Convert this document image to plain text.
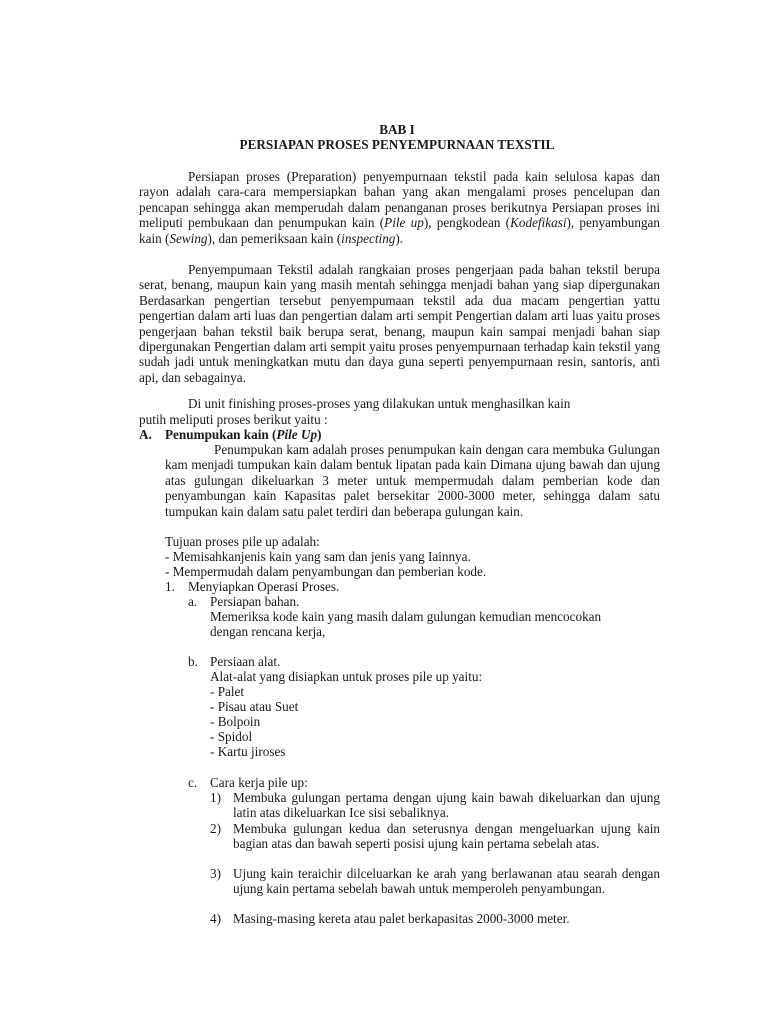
BAB I
PERSIAPAN PROSES PENYEMPURNAAN TEXSTIL

Persiapan proses (Preparation) penyempurnaan tekstil pada kain selulosa kapas dan rayon adalah cara-cara mempersiapkan bahan yang akan mengalami proses pencelupan dan pencapan sehingga akan memperudah dalam penanganan proses berikutnya Persiapan proses ini meliputi pembukaan dan penumpukan kain (Pile up), pengkodean (Kodefikasi), penyambungan kain (Sewing), dan pemeriksaan kain (inspecting).

Penyempumaan Tekstil adalah rangkaian proses pengerjaan pada bahan tekstil berupa serat, benang, maupun kain yang masih mentah sehingga menjadi bahan yang siap dipergunakan Berdasarkan pengertian tersebut penyempumaan tekstil ada dua macam pengertian yattu pengertian dalam arti luas dan pengertian dalam arti sempit Pengertian dalam arti luas yaitu proses pengerjaan bahan tekstil baik berupa serat, benang, maupun kain sampai menjadi bahan siap dipergunakan Pengertian dalam arti sempit yaitu proses penyempurnaan terhadap kain tekstil yang sudah jadi untuk meningkatkan mutu dan daya guna seperti penyempurnaan resin, santoris, anti api, dan sebagainya.

Di unit finishing proses-proses yang dilakukan untuk menghasilkan kain
putih meliputi proses berikut yaitu :
A. Penumpukan kain (Pile Up)

Penumpukan kam adalah proses penumpukan kain dengan cara membuka Gulungan kam menjadi tumpukan kain dalam bentuk lipatan pada kain Dimana ujung bawah dan ujung atas gulungan dikeluarkan 3 meter untuk mempermudah dalam pemberian kode dan penyambungan kain Kapasitas palet bersekitar 2000-3000 meter, sehingga dalam satu tumpukan kain dalam satu palet terdiri dan beberapa gulungan kain.

Tujuan proses pile up adalah:
- Memisahkanjenis kain yang sam dan jenis yang Iainnya.
- Mempermudah dalam penyambungan dan pemberian kode.
1. Menyiapkan Operasi Proses.
a. Persiapan bahan.
Memeriksa kode kain yang masih dalam gulungan kemudian mencocokan
dengan rencana kerja,
b. Persiaan alat.
Alat-alat yang disiapkan untuk proses pile up yaitu:
- Palet
- Pisau atau Suet
- Bolpoin
- Spidol
- Kartu jiroses
c. Cara kerja pile up:
1) Membuka gulungan pertama dengan ujung kain bawah dikeluarkan dan ujung latin atas dikeluarkan Ice sisi sebaliknya.
2) Membuka gulungan kedua dan seterusnya dengan mengeluarkan ujung kain bagian atas dan bawah seperti posisi ujung kain pertama sebelah atas.
3) Ujung kain teraichir dilceluarkan ke arah yang berlawanan atau searah dengan ujung kain pertama sebelah bawah untuk memperoleh penyambungan.
4) Masing-masing kereta atau palet berkapasitas 2000-3000 meter.
